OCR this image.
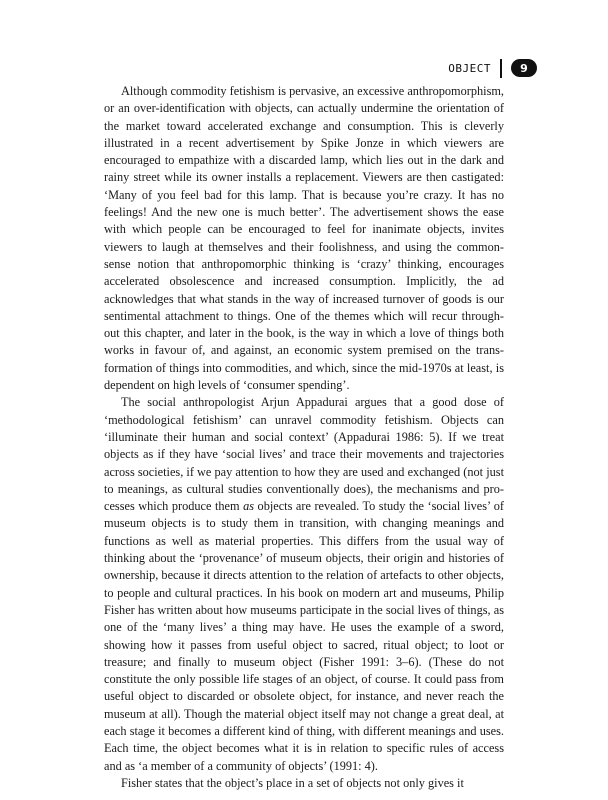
OBJECT	9

Although commodity fetishism is pervasive, an excessive anthropomorphism, or an over-identification with objects, can actually undermine the orientation of the market toward accelerated exchange and consumption. This is cleverly illustrated in a recent advertisement by Spike Jonze in which viewers are encouraged to empathize with a discarded lamp, which lies out in the dark and rainy street while its owner installs a replacement. Viewers are then castigated: ‘Many of you feel bad for this lamp. That is because you’re crazy. It has no feelings! And the new one is much better’. The advertisement shows the ease with which people can be encouraged to feel for inanimate objects, invites viewers to laugh at themselves and their foolishness, and using the common-sense notion that anthropomorphic thinking is ‘crazy’ thinking, encourages accelerated obsolescence and increased consumption. Implicitly, the ad acknowledges that what stands in the way of increased turnover of goods is our sentimental attachment to things. One of the themes which will recur through-out this chapter, and later in the book, is the way in which a love of things both works in favour of, and against, an economic system premised on the trans-formation of things into commodities, and which, since the mid-1970s at least, is dependent on high levels of ‘consumer spending’.

The social anthropologist Arjun Appadurai argues that a good dose of ‘methodological fetishism’ can unravel commodity fetishism. Objects can ‘illuminate their human and social context’ (Appadurai 1986: 5). If we treat objects as if they have ‘social lives’ and trace their movements and trajectories across societies, if we pay attention to how they are used and exchanged (not just to meanings, as cultural studies conventionally does), the mechanisms and pro-cesses which produce them as objects are revealed. To study the ‘social lives’ of museum objects is to study them in transition, with changing meanings and functions as well as material properties. This differs from the usual way of thinking about the ‘provenance’ of museum objects, their origin and histories of ownership, because it directs attention to the relation of artefacts to other objects, to people and cultural practices. In his book on modern art and museums, Philip Fisher has written about how museums participate in the social lives of things, as one of the ‘many lives’ a thing may have. He uses the example of a sword, showing how it passes from useful object to sacred, ritual object; to loot or treasure; and finally to museum object (Fisher 1991: 3–6). (These do not constitute the only possible life stages of an object, of course. It could pass from useful object to discarded or obsolete object, for instance, and never reach the museum at all). Though the material object itself may not change a great deal, at each stage it becomes a different kind of thing, with different meanings and uses. Each time, the object becomes what it is in relation to specific rules of access and as ‘a member of a community of objects’ (1991: 4).

Fisher states that the object’s place in a set of objects not only gives it
